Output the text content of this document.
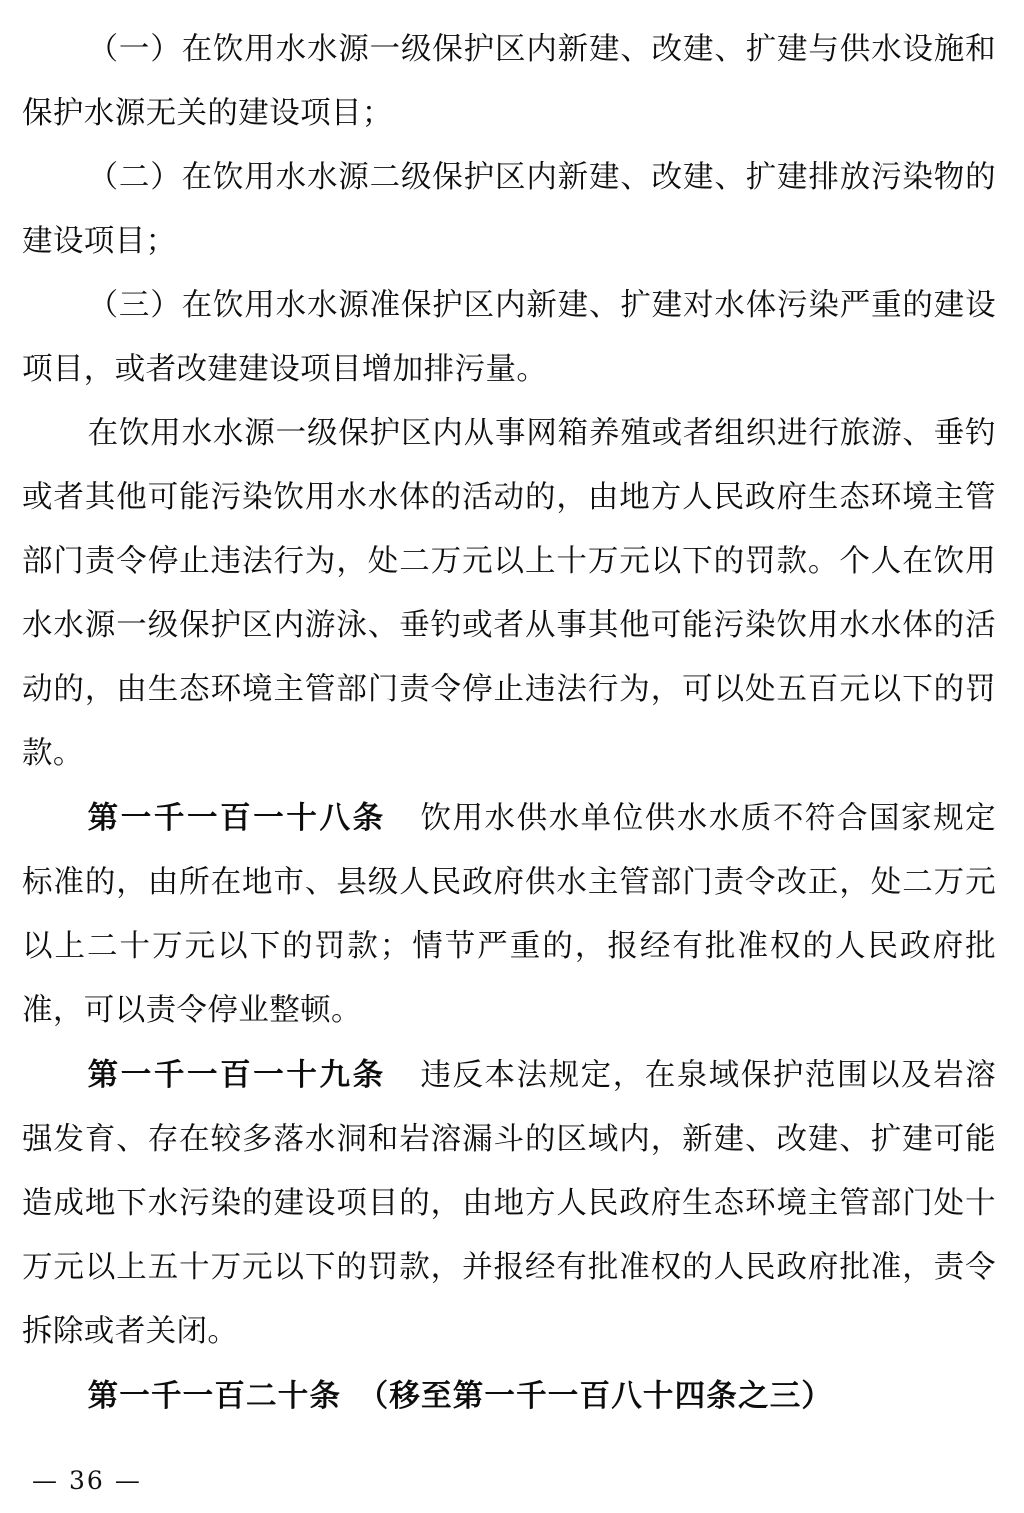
（一）在饮用水水源一级保护区内新建、改建、扩建与供水设施和保护水源无关的建设项目；

（二）在饮用水水源二级保护区内新建、改建、扩建排放污染物的建设项目；

（三）在饮用水水源准保护区内新建、扩建对水体污染严重的建设项目，或者改建建设项目增加排污量。

在饮用水水源一级保护区内从事网箱养殖或者组织进行旅游、垂钓或者其他可能污染饮用水水体的活动的，由地方人民政府生态环境主管部门责令停止违法行为，处二万元以上十万元以下的罚款。个人在饮用水水源一级保护区内游泳、垂钓或者从事其他可能污染饮用水水体的活动的，由生态环境主管部门责令停止违法行为，可以处五百元以下的罚款。

第一千一百一十八条 饮用水供水单位供水水质不符合国家规定标准的，由所在地市、县级人民政府供水主管部门责令改正，处二万元以上二十万元以下的罚款；情节严重的，报经有批准权的人民政府批准，可以责令停业整顿。

第一千一百一十九条 违反本法规定，在泉域保护范围以及岩溶强发育、存在较多落水洞和岩溶漏斗的区域内，新建、改建、扩建可能造成地下水污染的建设项目的，由地方人民政府生态环境主管部门处十万元以上五十万元以下的罚款，并报经有批准权的人民政府批准，责令拆除或者关闭。

第一千一百二十条　（移至第一千一百八十四条之三）

— 36 —
